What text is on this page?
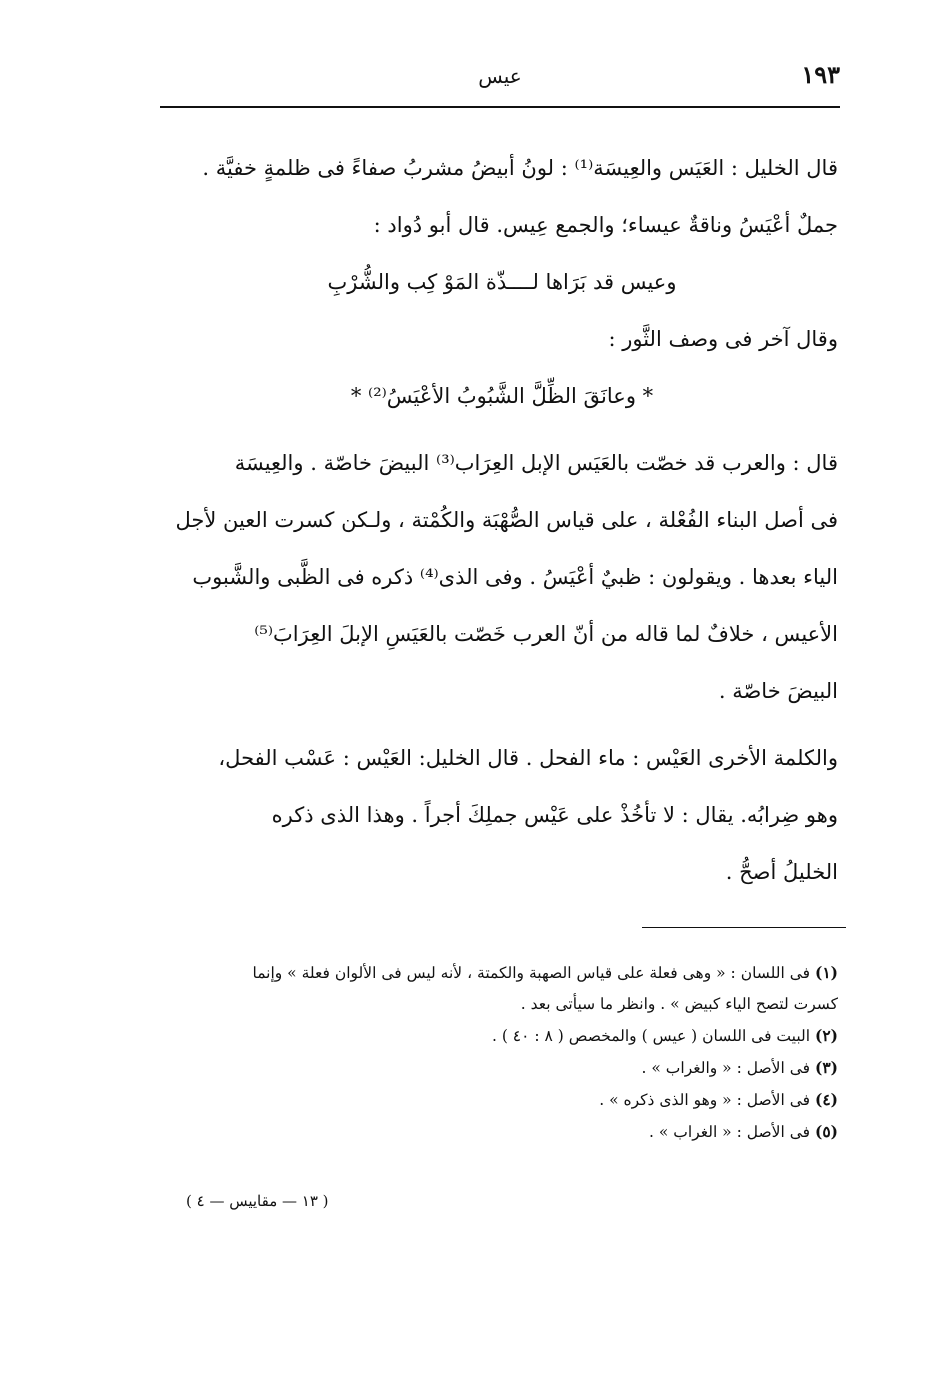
١٩٣
عيس

قال الخليل : العَيَس والعِيسَة⁽¹⁾ : لونُ أبيضُ مشربُ صفاءً فى ظلمةٍ خفيَّة .

جملٌ أعْيَسُ وناقةٌ عيساء؛ والجمع عِيس. قال أبو دُواد :

وعيس قد بَرَاها لــــذّة المَوْ كِب والشُّرْبِ

وقال آخر فى وصف الثَّور :

* وعانَقَ الظِّلَّ الشَّبُوبُ الأعْيَسُ⁽²⁾ *

قال : والعرب قد خصّت بالعَيَس الإبل العِرَاب⁽³⁾ البيضَ خاصّة . والعِيسَة

فى أصل البناء الفُعْلة ، على قياس الصُّهْبَة والكُمْتة ، ولـكن كسرت العين لأجل

الياء بعدها . ويقولون : ظبيٌ أعْيَسُ . وفى الذى⁽⁴⁾ ذكره فى الظَّبى والشَّبوب

الأعيس ، خلافٌ لما قاله من أنّ العرب خَصّت بالعَيَسِ الإبلَ العِرَابَ⁽⁵⁾

البيضَ خاصّة .

والكلمة الأخرى العَيْس : ماء الفحل . قال الخليل: العَيْس : عَسْب الفحل،

وهو ضِرابُه. يقال : لا تأخُذْ على عَيْس جملِكَ أجراً . وهذا الذى ذكره

الخليلُ أصحُّ .

(١) فى اللسان : « وهى فعلة على قياس الصهبة والكمتة ، لأنه ليس فى الألوان فعلة » وإنما
كسرت لتصح الياء كبيض » . وانظر ما سيأتى بعد .

(٢) البيت فى اللسان ( عيس ) والمخصص ( ٨ : ٤٠ ) .

(٣) فى الأصل : « والغراب » .

(٤) فى الأصل : « وهو الذى ذكره » .

(٥) فى الأصل : « الغراب » .

( ١٣ — مقاييس — ٤ )
